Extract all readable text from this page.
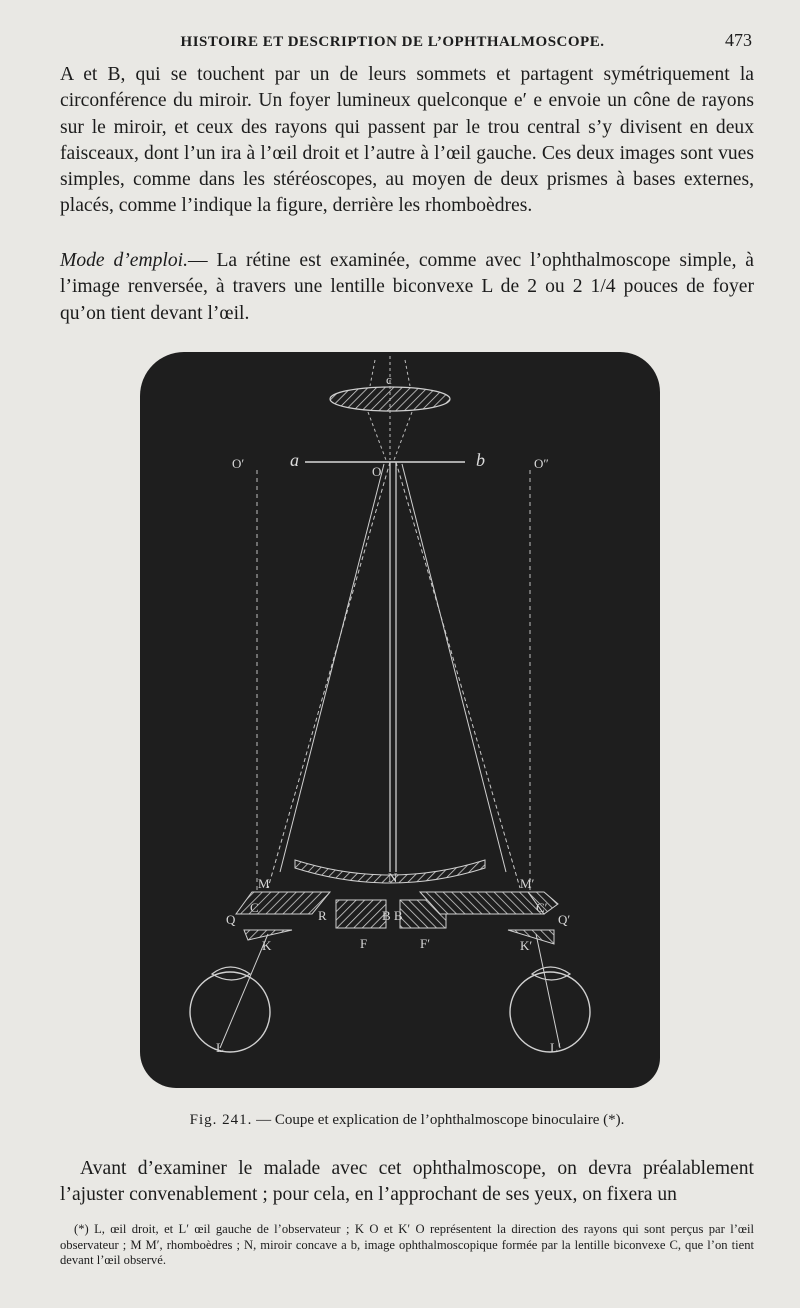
HISTOIRE ET DESCRIPTION DE L’OPHTHALMOSCOPE.	473

A et B, qui se touchent par un de leurs sommets et partagent symétriquement la circonférence du miroir. Un foyer lumineux quelconque e′ e envoie un cône de rayons sur le miroir, et ceux des rayons qui passent par le trou central s’y divisent en deux faisceaux, dont l’un ira à l’œil droit et l’autre à l’œil gauche. Ces deux images sont vues simples, comme dans les stéréoscopes, au moyen de deux prismes à bases externes, placés, comme l’indique la figure, derrière les rhomboèdres.

Mode d’emploi.— La rétine est examinée, comme avec l’ophthalmoscope simple, à l’image renversée, à travers une lentille biconvexe L de 2 ou 2 1/4 pouces de foyer qu’on tient devant l’œil.

c
a	b
O
O′	O″
N
M	M′
C	C′
Q	Q′
R	B B
F	F′
K	K′
L	L′
Fig. 241. — Coupe et explication de l’ophthalmoscope binoculaire (*).

Avant d’examiner le malade avec cet ophthalmoscope, on devra préalablement l’ajuster convenablement ; pour cela, en l’approchant de ses yeux, on fixera un

(*) L, œil droit, et L′ œil gauche de l’observateur ; K O et K′ O représentent la direction des rayons qui sont perçus par l’œil observateur ; M M′, rhomboèdres ; N, miroir concave a b, image ophthalmoscopique formée par la lentille biconvexe C, que l’on tient devant l’œil observé.
